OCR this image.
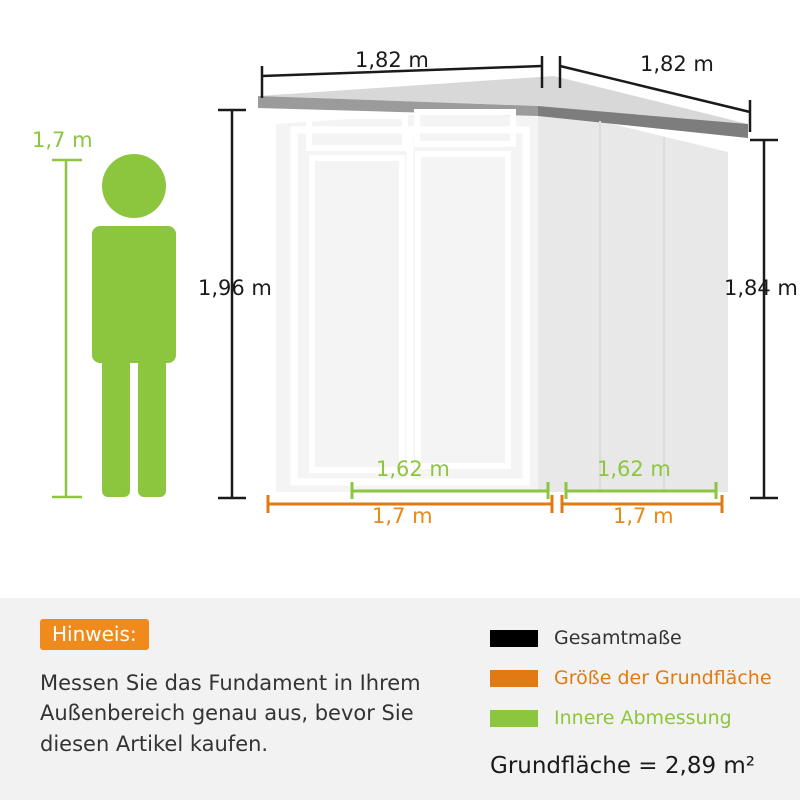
1,7 m
1,82 m	1,82 m
1,96 m	1,84 m
1,62 m	1,62 m
1,7 m	1,7 m
Hinweis:
Messen Sie das Fundament in Ihrem Außenbereich genau aus, bevor Sie diesen Artikel kaufen.
Gesamtmaße
Größe der Grundfläche
Innere Abmessung
Grundfläche = 2,89 m²
